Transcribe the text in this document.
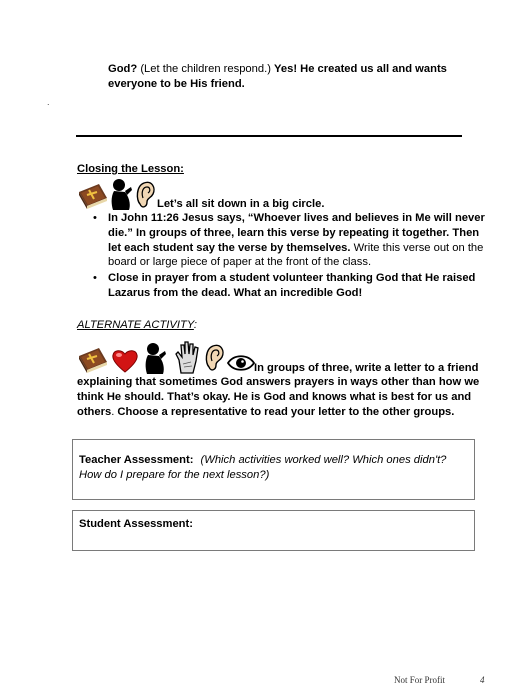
God? (Let the children respond.) Yes! He created us all and wants everyone to be His friend.
.
Closing the Lesson:
Let’s all sit down in a big circle.
• In John 11:26 Jesus says, “Whoever lives and believes in Me will never die.” In groups of three, learn this verse by repeating it together. Then let each student say the verse by themselves. Write this verse out on the board or large piece of paper at the front of the class.
• Close in prayer from a student volunteer thanking God that He raised Lazarus from the dead. What an incredible God!
ALTERNATE ACTIVITY:
In groups of three, write a letter to a friend
explaining that sometimes God answers prayers in ways other than how we think He should. That’s okay. He is God and knows what is best for us and others. Choose a representative to read your letter to the other groups.
Teacher Assessment: (Which activities worked well? Which ones didn't? How do I prepare for the next lesson?)
Student Assessment:
Not For Profit	4
